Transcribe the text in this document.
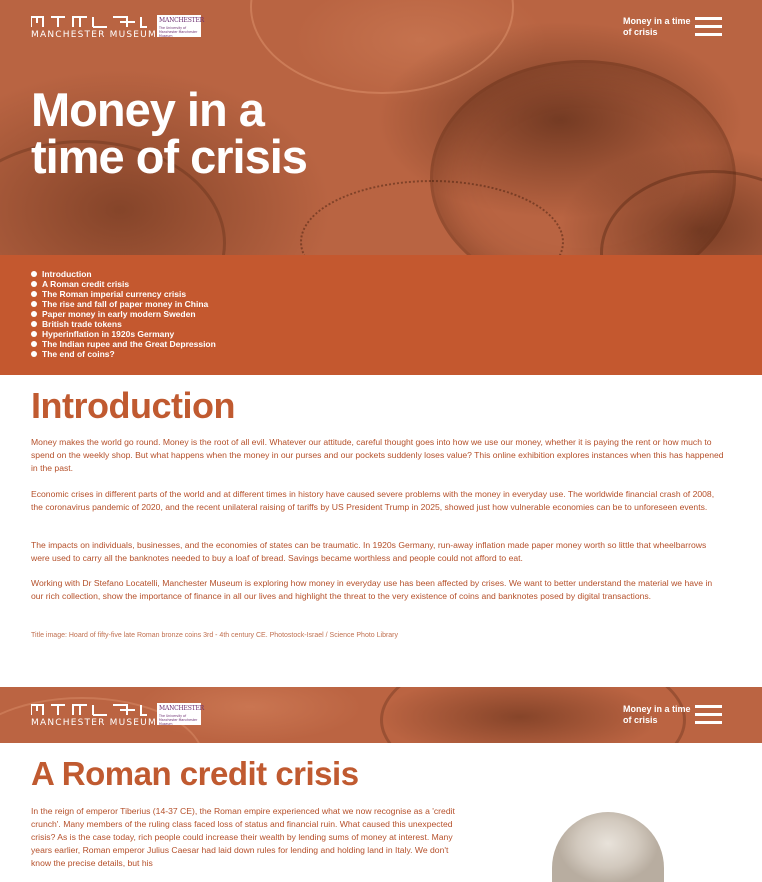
MANCHESTER MUSEUM
MANCHESTER
The University of Manchester Manchester Museum
Money in a time of crisis
Money in a
time of crisis
Introduction
A Roman credit crisis
The Roman imperial currency crisis
The rise and fall of paper money in China
Paper money in early modern Sweden
British trade tokens
Hyperinflation in 1920s Germany
The Indian rupee and the Great Depression
The end of coins?
Introduction

Money makes the world go round. Money is the root of all evil. Whatever our attitude, careful thought goes into how we use our money, whether it is paying the rent or how much to spend on the weekly shop. But what happens when the money in our purses and our pockets suddenly loses value? This online exhibition explores instances when this has happened in the past.

Economic crises in different parts of the world and at different times in history have caused severe problems with the money in everyday use. The worldwide financial crash of 2008, the coronavirus pandemic of 2020, and the recent unilateral raising of tariffs by US President Trump in 2025, showed just how vulnerable economies can be to unforeseen events.

The impacts on individuals, businesses, and the economies of states can be traumatic. In 1920s Germany, run-away inflation made paper money worth so little that wheelbarrows were used to carry all the banknotes needed to buy a loaf of bread. Savings became worthless and people could not afford to eat.

Working with Dr Stefano Locatelli, Manchester Museum is exploring how money in everyday use has been affected by crises. We want to better understand the material we have in our rich collection, show the importance of finance in all our lives and highlight the threat to the very existence of coins and banknotes posed by digital transactions.

Title image: Hoard of fifty-five late Roman bronze coins 3rd - 4th century CE. Photostock-Israel / Science Photo Library
MANCHESTER MUSEUM
MANCHESTER
The University of Manchester Manchester Museum
Money in a time of crisis
A Roman credit crisis

In the reign of emperor Tiberius (14-37 CE), the Roman empire experienced what we now recognise as a 'credit crunch'. Many members of the ruling class faced loss of status and financial ruin. What caused this unexpected crisis? As is the case today, rich people could increase their wealth by lending sums of money at interest. Many years earlier, Roman emperor Julius Caesar had laid down rules for lending and holding land in Italy. We don't know the precise details, but his
